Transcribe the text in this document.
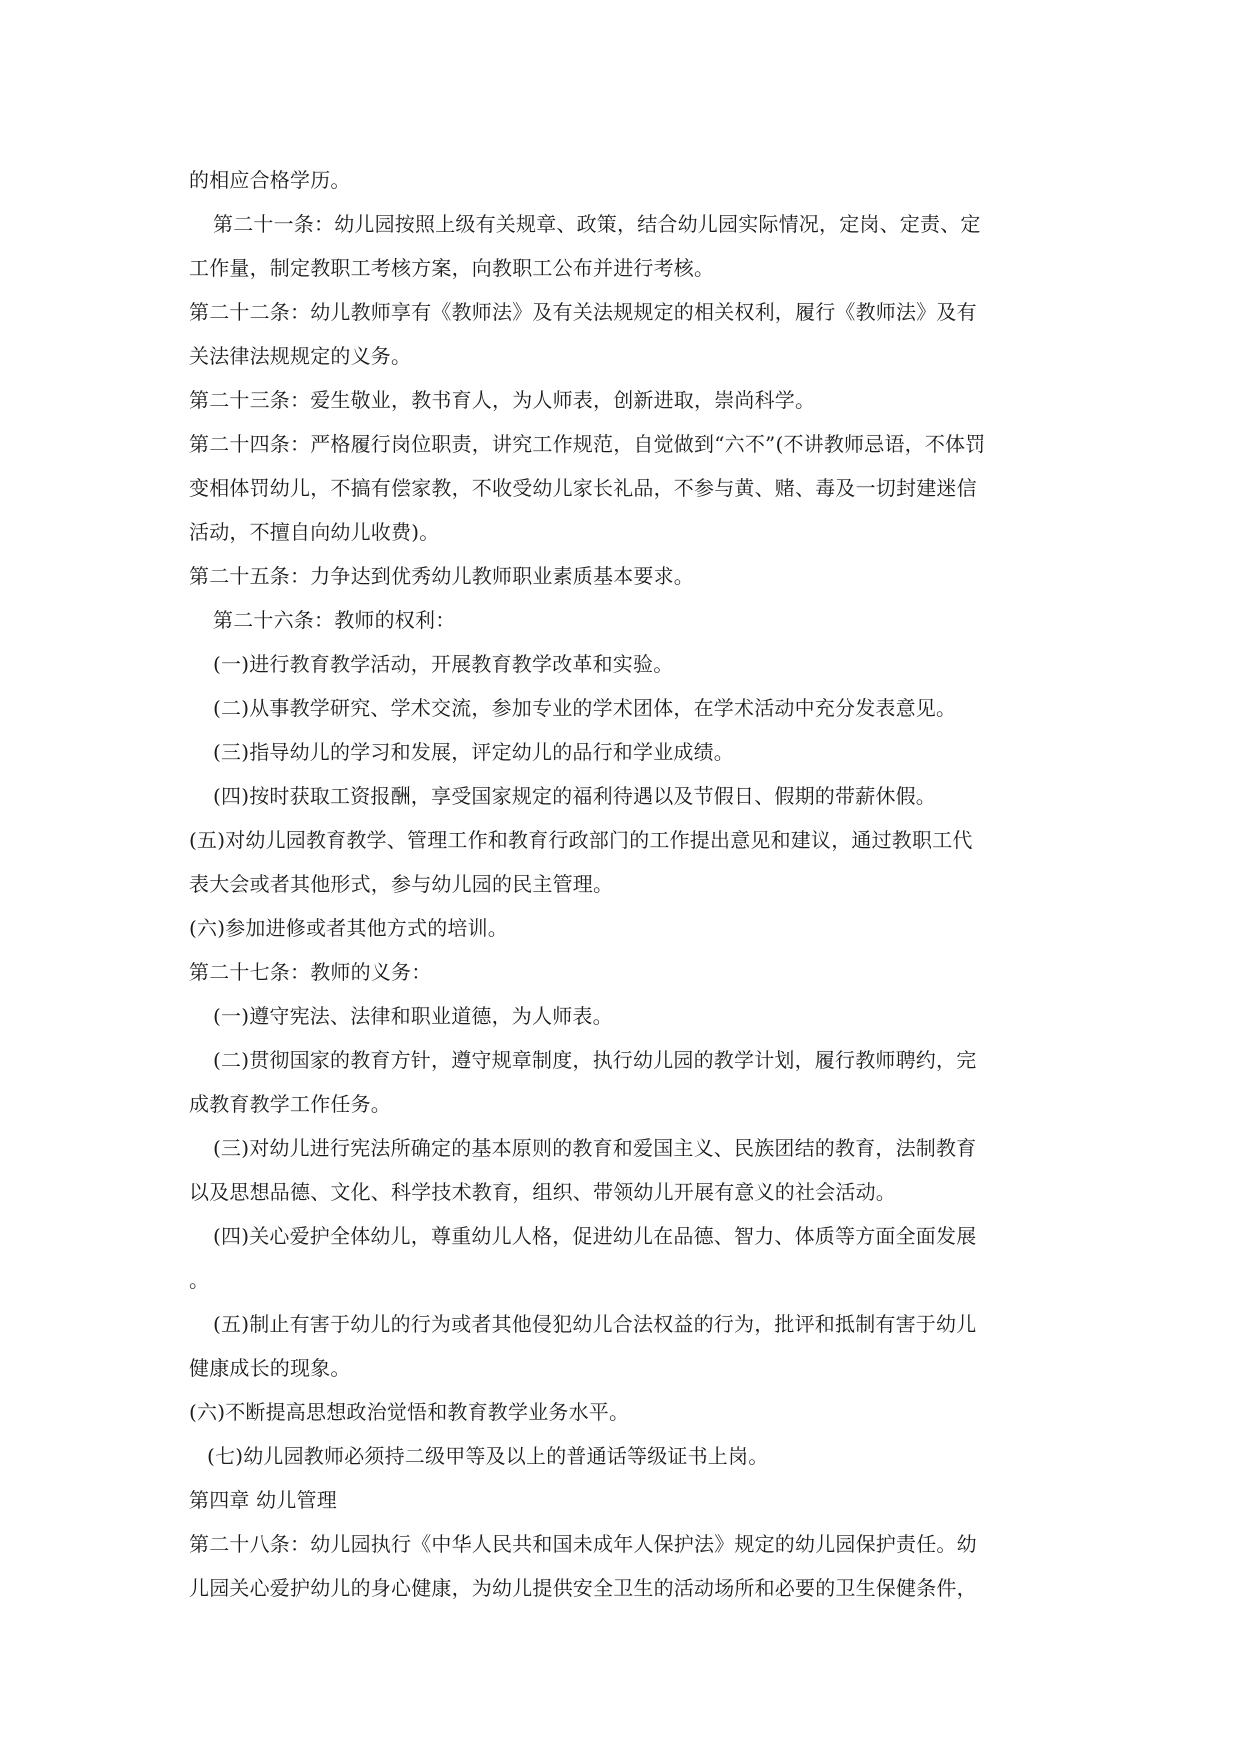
的相应合格学历。
第二十一条：幼儿园按照上级有关规章、政策，结合幼儿园实际情况，定岗、定责、定
工作量，制定教职工考核方案，向教职工公布并进行考核。
第二十二条：幼儿教师享有《教师法》及有关法规规定的相关权利，履行《教师法》及有
关法律法规规定的义务。
第二十三条：爱生敬业，教书育人，为人师表，创新进取，崇尚科学。
第二十四条：严格履行岗位职责，讲究工作规范，自觉做到“六不”(不讲教师忌语，不体罚
变相体罚幼儿，不搞有偿家教，不收受幼儿家长礼品，不参与黄、赌、毒及一切封建迷信
活动，不擅自向幼儿收费)。
第二十五条：力争达到优秀幼儿教师职业素质基本要求。
第二十六条：教师的权利：
(一)进行教育教学活动，开展教育教学改革和实验。
(二)从事教学研究、学术交流，参加专业的学术团体，在学术活动中充分发表意见。
(三)指导幼儿的学习和发展，评定幼儿的品行和学业成绩。
(四)按时获取工资报酬，享受国家规定的福利待遇以及节假日、假期的带薪休假。
(五)对幼儿园教育教学、管理工作和教育行政部门的工作提出意见和建议，通过教职工代
表大会或者其他形式，参与幼儿园的民主管理。
(六)参加进修或者其他方式的培训。
第二十七条：教师的义务：
(一)遵守宪法、法律和职业道德，为人师表。
(二)贯彻国家的教育方针，遵守规章制度，执行幼儿园的教学计划，履行教师聘约，完
成教育教学工作任务。
(三)对幼儿进行宪法所确定的基本原则的教育和爱国主义、民族团结的教育，法制教育
以及思想品德、文化、科学技术教育，组织、带领幼儿开展有意义的社会活动。
(四)关心爱护全体幼儿，尊重幼儿人格，促进幼儿在品德、智力、体质等方面全面发展
。
(五)制止有害于幼儿的行为或者其他侵犯幼儿合法权益的行为，批评和抵制有害于幼儿
健康成长的现象。
(六)不断提高思想政治觉悟和教育教学业务水平。
(七)幼儿园教师必须持二级甲等及以上的普通话等级证书上岗。
第四章 幼儿管理
第二十八条：幼儿园执行《中华人民共和国未成年人保护法》规定的幼儿园保护责任。幼
儿园关心爱护幼儿的身心健康，为幼儿提供安全卫生的活动场所和必要的卫生保健条件，
